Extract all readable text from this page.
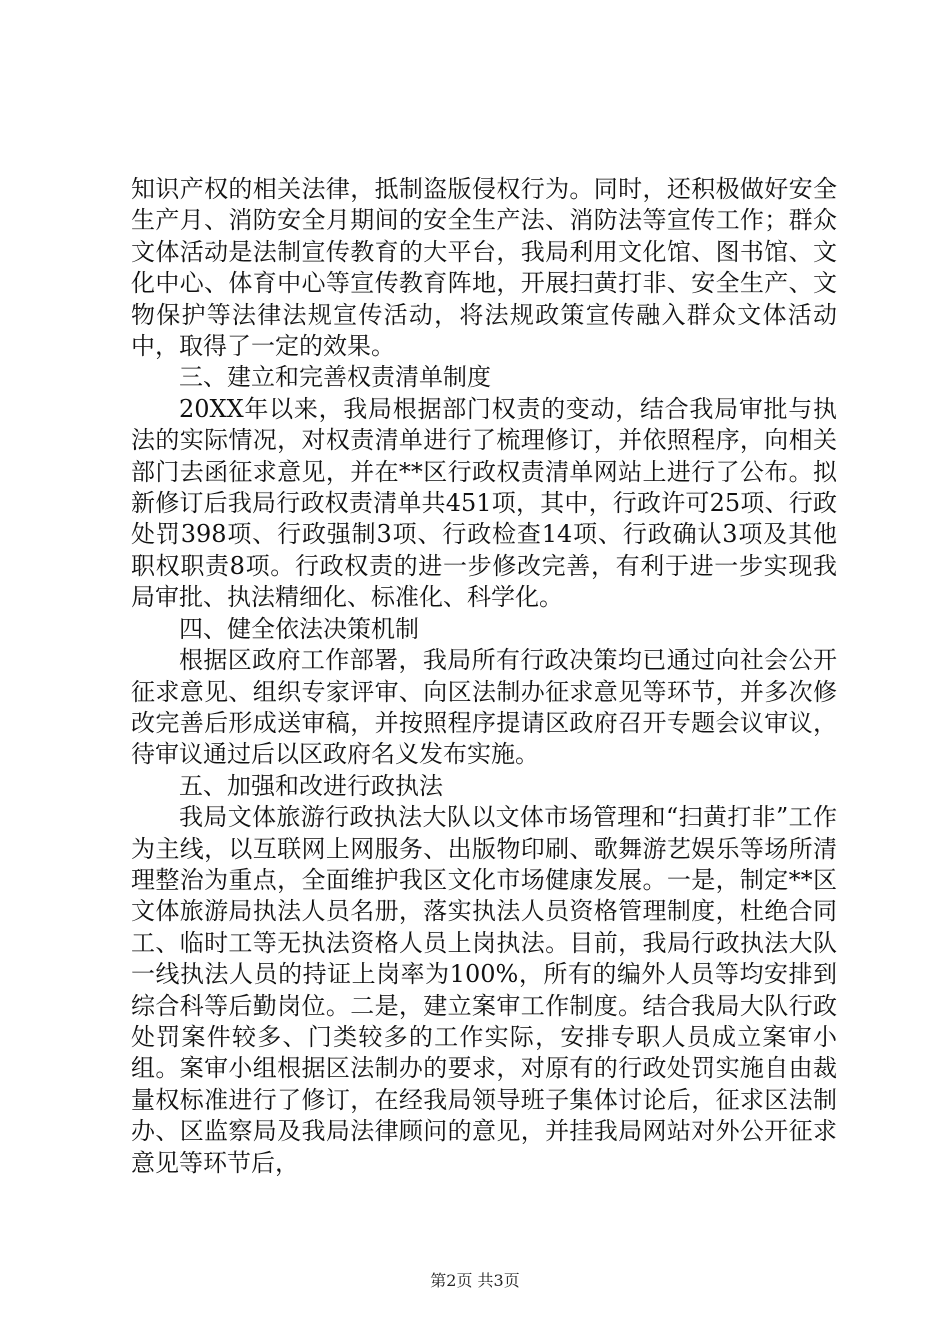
知识产权的相关法律，抵制盗版侵权行为。同时，还积极做好安全生产月、消防安全月期间的安全生产法、消防法等宣传工作；群众文体活动是法制宣传教育的大平台，我局利用文化馆、图书馆、文化中心、体育中心等宣传教育阵地，开展扫黄打非、安全生产、文物保护等法律法规宣传活动，将法规政策宣传融入群众文体活动中，取得了一定的效果。

三、建立和完善权责清单制度

20XX年以来，我局根据部门权责的变动，结合我局审批与执法的实际情况，对权责清单进行了梳理修订，并依照程序，向相关部门去函征求意见，并在**区行政权责清单网站上进行了公布。拟新修订后我局行政权责清单共451项，其中，行政许可25项、行政处罚398项、行政强制3项、行政检查14项、行政确认3项及其他职权职责8项。行政权责的进一步修改完善，有利于进一步实现我局审批、执法精细化、标准化、科学化。

四、健全依法决策机制

根据区政府工作部署，我局所有行政决策均已通过向社会公开征求意见、组织专家评审、向区法制办征求意见等环节，并多次修改完善后形成送审稿，并按照程序提请区政府召开专题会议审议，待审议通过后以区政府名义发布实施。

五、加强和改进行政执法

我局文体旅游行政执法大队以文体市场管理和“扫黄打非”工作为主线，以互联网上网服务、出版物印刷、歌舞游艺娱乐等场所清理整治为重点，全面维护我区文化市场健康发展。一是，制定**区文体旅游局执法人员名册，落实执法人员资格管理制度，杜绝合同工、临时工等无执法资格人员上岗执法。目前，我局行政执法大队一线执法人员的持证上岗率为100%，所有的编外人员等均安排到综合科等后勤岗位。二是，建立案审工作制度。结合我局大队行政处罚案件较多、门类较多的工作实际，安排专职人员成立案审小组。案审小组根据区法制办的要求，对原有的行政处罚实施自由裁量权标准进行了修订，在经我局领导班子集体讨论后，征求区法制办、区监察局及我局法律顾问的意见，并挂我局网站对外公开征求意见等环节后，

第2页 共3页
